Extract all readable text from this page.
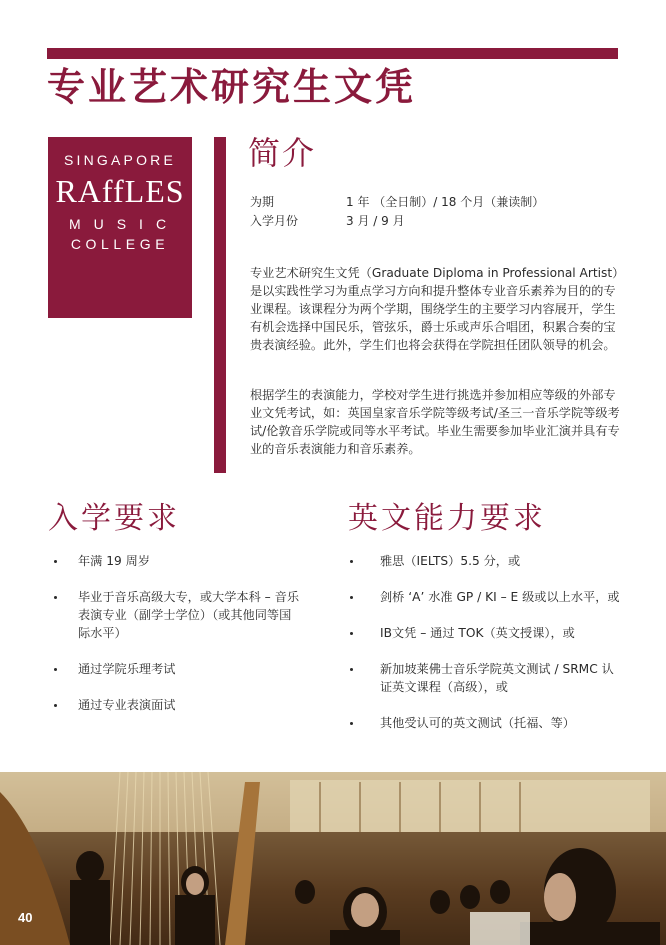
专业艺术研究生文凭
SINGAPORE
RAffLES
MUSIC
COLLEGE
简介
为期	1 年 （全日制）/ 18 个月（兼读制）
入学月份	3 月 / 9 月

专业艺术研究生文凭（Graduate Diploma in Professional Artist）是以实践性学习为重点学习方向和提升整体专业音乐素养为目的的专业课程。该课程分为两个学期，围绕学生的主要学习内容展开，学生有机会选择中国民乐，管弦乐，爵士乐或声乐合唱团，积累合奏的宝贵表演经验。此外，学生们也将会获得在学院担任团队领导的机会。

根据学生的表演能力，学校对学生进行挑选并参加相应等级的外部专业文凭考试，如：英国皇家音乐学院等级考试/圣三一音乐学院等级考试/伦敦音乐学院或同等水平考试。毕业生需要参加毕业汇演并具有专业的音乐表演能力和音乐素养。

入学要求
年满 19 周岁
毕业于音乐高级大专，或大学本科 – 音乐表演专业（副学士学位）（或其他同等国际水平）
通过学院乐理考试
通过专业表演面试
英文能力要求
雅思（IELTS）5.5 分，或
剑桥 ‘A’ 水准 GP / KI – E 级或以上水平，或
IB文凭 – 通过 TOK（英文授课），或
新加坡莱佛士音乐学院英文测试 / SRMC 认证英文课程（高级），或
其他受认可的英文测试（托福、等）
40
